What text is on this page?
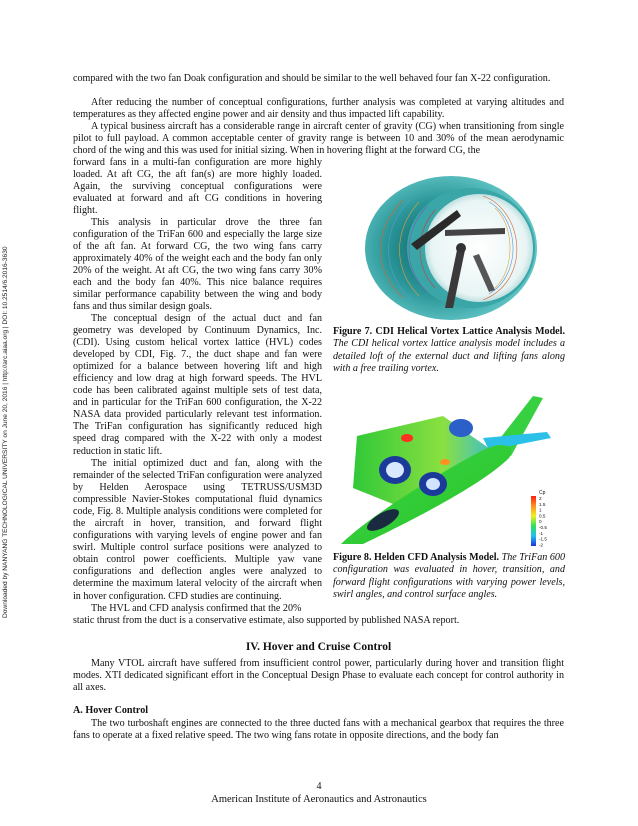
Downloaded by NANYANG TECHNOLOGICAL UNIVERSITY on June 20, 2016 | http://arc.aiaa.org | DOI: 10.2514/6.2016-3630

compared with the two fan Doak configuration and should be similar to the well behaved four fan X-22 configuration.

After reducing the number of conceptual configurations, further analysis was completed at varying altitudes and temperatures as they affected engine power and air density and thus impacted lift capability.

A typical business aircraft has a considerable range in aircraft center of gravity (CG) when transitioning from single pilot to full payload. A common acceptable center of gravity range is between 10 and 30% of the mean aerodynamic chord of the wing and this was used for initial sizing. When in hovering flight at the forward CG, the

forward fans in a multi-fan configuration are more highly loaded. At aft CG, the aft fan(s) are more highly loaded. Again, the surviving conceptual configurations were evaluated at forward and aft CG conditions in hovering flight.

This analysis in particular drove the three fan configuration of the TriFan 600 and especially the large size of the aft fan. At forward CG, the two wing fans carry approximately 40% of the weight each and the body fan only 20% of the weight. At aft CG, the two wing fans carry 30% each and the body fan 40%. This nice balance requires similar performance capability between the wing and body fans and thus similar design goals.

The conceptual design of the actual duct and fan geometry was developed by Continuum Dynamics, Inc. (CDI). Using custom helical vortex lattice (HVL) codes developed by CDI, Fig. 7., the duct shape and fan were optimized for a balance between hovering lift and high efficiency and low drag at high forward speeds. The HVL code has been calibrated against multiple sets of test data, and in particular for the TriFan 600 configuration, the X-22 NASA data provided particularly relevant test information. The TriFan configuration has significantly reduced high speed drag compared with the X-22 with only a modest reduction in static lift.

The initial optimized duct and fan, along with the remainder of the selected TriFan configuration were analyzed by Helden Aerospace using TETRUSS/USM3D compressible Navier-Stokes computational fluid dynamics code, Fig. 8. Multiple analysis conditions were completed for the aircraft in hover, transition, and forward flight configurations with varying levels of engine power and fan swirl. Multiple control surface positions were analyzed to obtain control power coefficients. Multiple yaw vane configurations and deflection angles were analyzed to determine the maximum lateral velocity of the aircraft when in hover configuration. CFD studies are continuing.

The HVL and CFD analysis confirmed that the 20%

static thrust from the duct is a conservative estimate, also supported by published NASA report.

IV. Hover and Cruise Control

Many VTOL aircraft have suffered from insufficient control power, particularly during hover and transition flight modes. XTI dedicated significant effort in the Conceptual Design Phase to evaluate each concept for control authority in all axes.

A. Hover Control

The two turboshaft engines are connected to the three ducted fans with a mechanical gearbox that requires the three fans to operate at a fixed relative speed. The two wing fans rotate in opposite directions, and the body fan

Figure 7. CDI Helical Vortex Lattice Analysis Model. The CDI helical vortex lattice analysis model includes a detailed loft of the external duct and lifting fans along with a free trailing vortex.

Cp
2
1.5
1
0.5
0
-0.5
-1
-1.5
-2

Figure 8. Helden CFD Analysis Model. The TriFan 600 configuration was evaluated in hover, transition, and forward flight configurations with varying power levels, swirl angles, and control surface angles.

4

American Institute of Aeronautics and Astronautics
